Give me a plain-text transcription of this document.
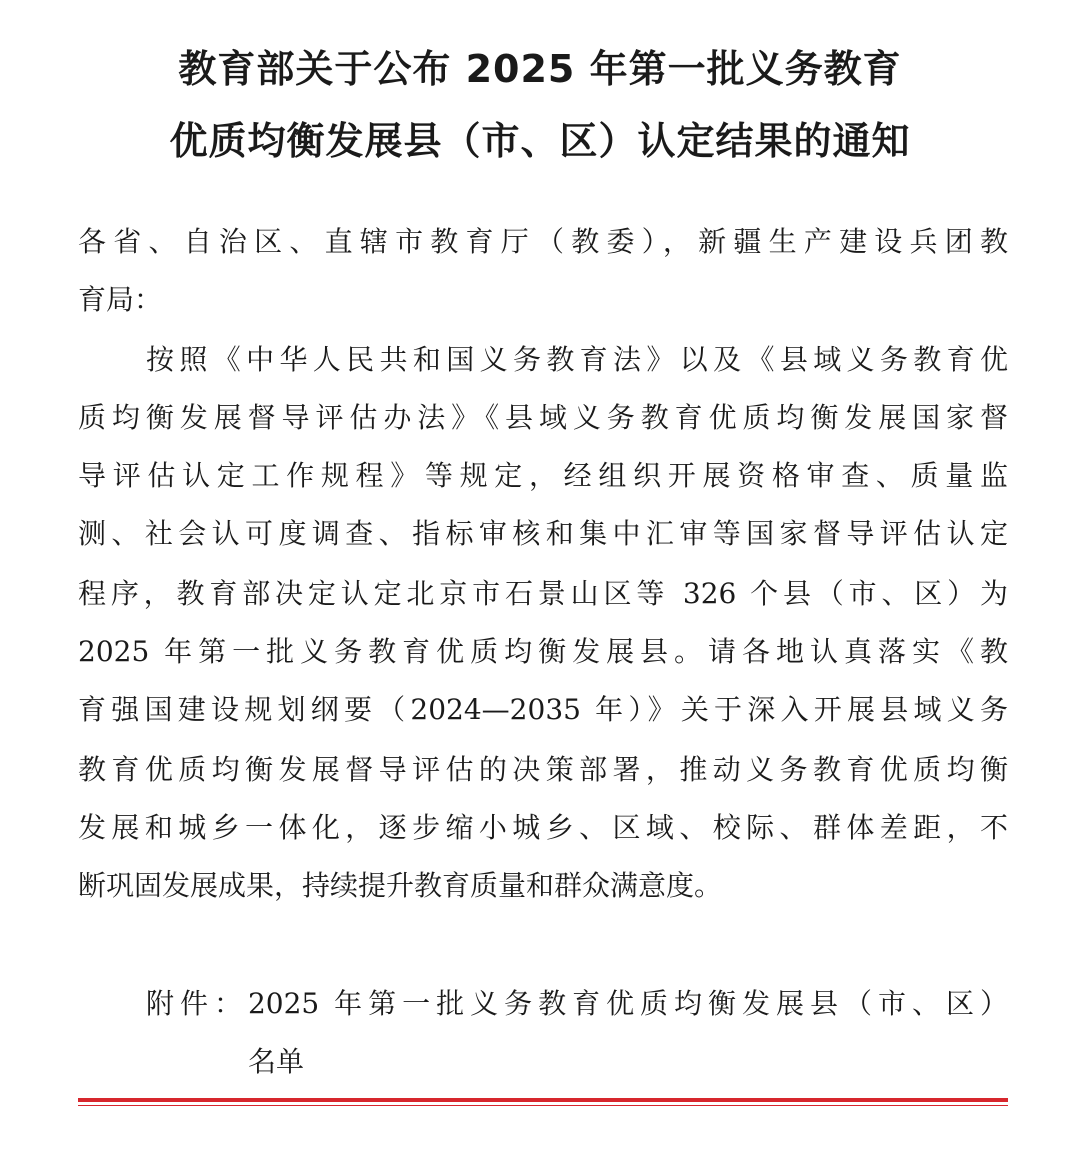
教育部关于公布 2025 年第一批义务教育
优质均衡发展县（市、区）认定结果的通知
各省、自治区、直辖市教育厅（教委），新疆生产建设兵团教
育局：
按照《中华人民共和国义务教育法》以及《县域义务教育优
质均衡发展督导评估办法》《县域义务教育优质均衡发展国家督
导评估认定工作规程》等规定，经组织开展资格审查、质量监
测、社会认可度调查、指标审核和集中汇审等国家督导评估认定
程序，教育部决定认定北京市石景山区等 326 个县（市、区）为
2025 年第一批义务教育优质均衡发展县。请各地认真落实《教
育强国建设规划纲要（2024—2035 年）》关于深入开展县域义务
教育优质均衡发展督导评估的决策部署，推动义务教育优质均衡
发展和城乡一体化，逐步缩小城乡、区域、校际、群体差距，不
断巩固发展成果，持续提升教育质量和群众满意度。
附件：2025 年第一批义务教育优质均衡发展县（市、区）
名单
